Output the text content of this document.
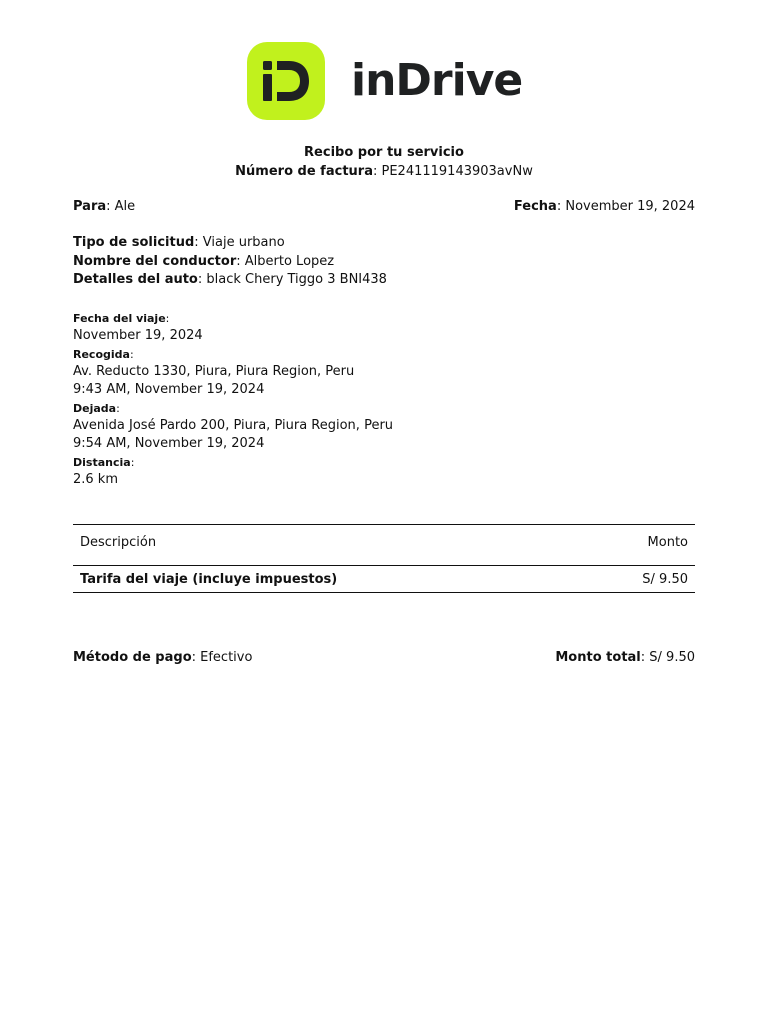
inDrive
Recibo por tu servicio
Número de factura: PE241119143903avNw
Para: Ale	Fecha: November 19, 2024
Tipo de solicitud: Viaje urbano
Nombre del conductor: Alberto Lopez
Detalles del auto: black Chery Tiggo 3 BNI438
Fecha del viaje:
November 19, 2024
Recogida:
Av. Reducto 1330, Piura, Piura Region, Peru
9:43 AM, November 19, 2024
Dejada:
Avenida José Pardo 200, Piura, Piura Region, Peru
9:54 AM, November 19, 2024
Distancia:
2.6 km
Descripción	Monto
Tarifa del viaje (incluye impuestos)	S/ 9.50
Método de pago: Efectivo	Monto total: S/ 9.50
